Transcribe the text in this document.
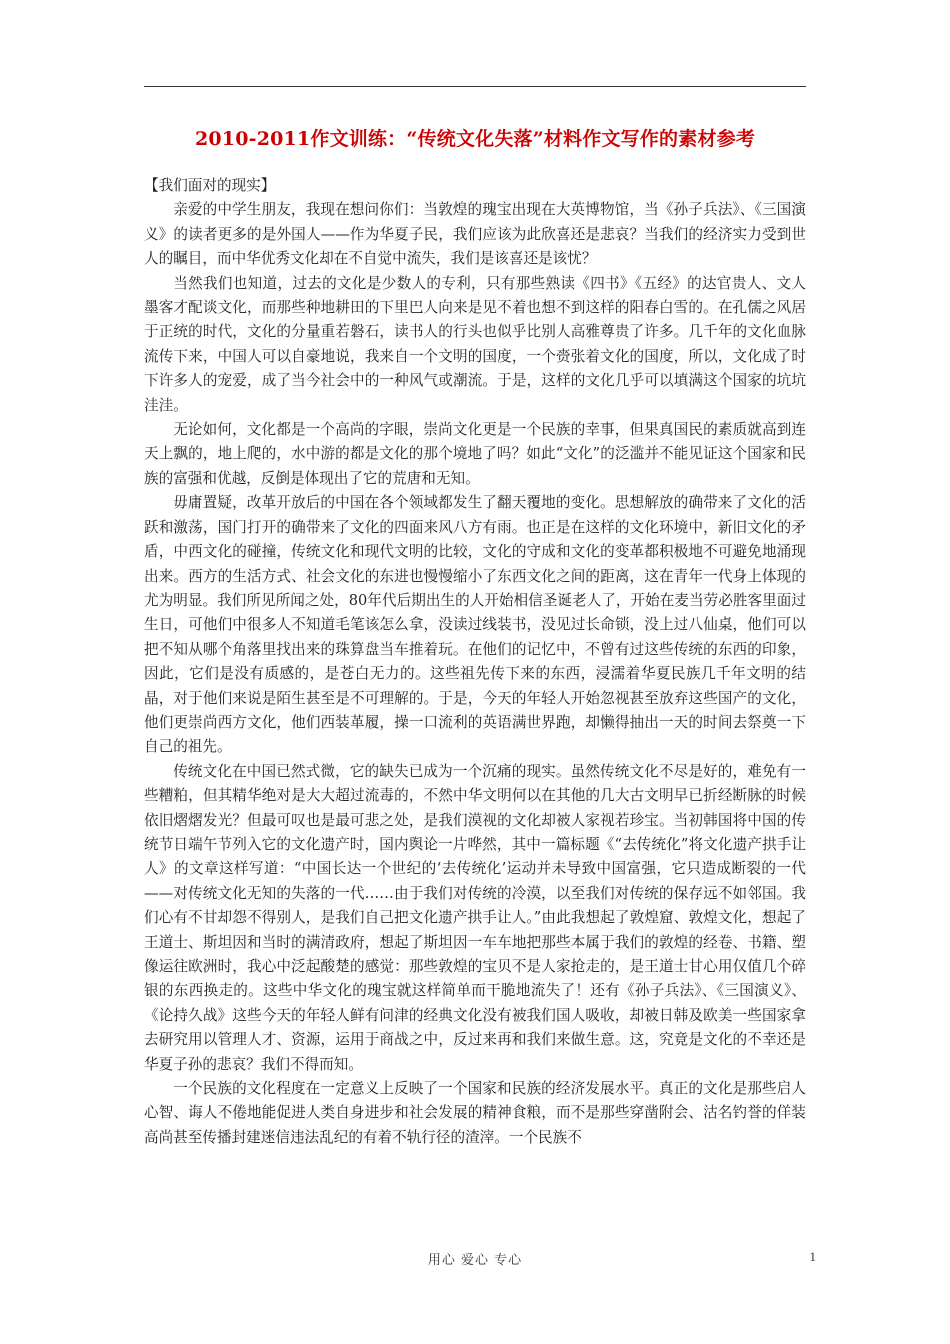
2010-2011作文训练：“传统文化失落”材料作文写作的素材参考
【我们面对的现实】

亲爱的中学生朋友，我现在想问你们：当敦煌的瑰宝出现在大英博物馆，当《孙子兵法》、《三国演义》的读者更多的是外国人——作为华夏子民，我们应该为此欣喜还是悲哀？当我们的经济实力受到世人的瞩目，而中华优秀文化却在不自觉中流失，我们是该喜还是该忧？

当然我们也知道，过去的文化是少数人的专利，只有那些熟读《四书》《五经》的达官贵人、文人墨客才配谈文化，而那些种地耕田的下里巴人向来是见不着也想不到这样的阳春白雪的。在孔儒之风居于正统的时代，文化的分量重若磐石，读书人的行头也似乎比别人高雅尊贵了许多。几千年的文化血脉流传下来，中国人可以自豪地说，我来自一个文明的国度，一个赍张着文化的国度，所以，文化成了时下许多人的宠爱，成了当今社会中的一种风气或潮流。于是，这样的文化几乎可以填满这个国家的坑坑洼洼。

无论如何，文化都是一个高尚的字眼，崇尚文化更是一个民族的幸事，但果真国民的素质就高到连天上飘的，地上爬的，水中游的都是文化的那个境地了吗？如此“文化”的泛滥并不能见证这个国家和民族的富强和优越，反倒是体现出了它的荒唐和无知。

毋庸置疑，改革开放后的中国在各个领域都发生了翻天覆地的变化。思想解放的确带来了文化的活跃和激荡，国门打开的确带来了文化的四面来风八方有雨。也正是在这样的文化环境中，新旧文化的矛盾，中西文化的碰撞，传统文化和现代文明的比较，文化的守成和文化的变革都积极地不可避免地涌现出来。西方的生活方式、社会文化的东进也慢慢缩小了东西文化之间的距离，这在青年一代身上体现的尤为明显。我们所见所闻之处，80年代后期出生的人开始相信圣诞老人了，开始在麦当劳必胜客里面过生日，可他们中很多人不知道毛笔该怎么拿，没读过线装书，没见过长命锁，没上过八仙桌，他们可以把不知从哪个角落里找出来的珠算盘当车推着玩。在他们的记忆中，不曾有过这些传统的东西的印象，因此，它们是没有质感的，是苍白无力的。这些祖先传下来的东西，浸濡着华夏民族几千年文明的结晶，对于他们来说是陌生甚至是不可理解的。于是，今天的年轻人开始忽视甚至放弃这些国产的文化，他们更崇尚西方文化，他们西装革履，操一口流利的英语满世界跑，却懒得抽出一天的时间去祭奠一下自己的祖先。

传统文化在中国已然式微，它的缺失已成为一个沉痛的现实。虽然传统文化不尽是好的，难免有一些糟粕，但其精华绝对是大大超过流毒的，不然中华文明何以在其他的几大古文明早已折经断脉的时候依旧熠熠发光？但最可叹也是最可悲之处，是我们漠视的文化却被人家视若珍宝。当初韩国将中国的传统节日端午节列入它的文化遗产时，国内舆论一片哗然，其中一篇标题《“去传统化”将文化遗产拱手让人》的文章这样写道：“中国长达一个世纪的‘去传统化’运动并未导致中国富强，它只造成断裂的一代——对传统文化无知的失落的一代……由于我们对传统的冷漠，以至我们对传统的保存远不如邻国。我们心有不甘却怨不得别人，是我们自己把文化遗产拱手让人。”由此我想起了敦煌窟、敦煌文化，想起了王道士、斯坦因和当时的满清政府，想起了斯坦因一车车地把那些本属于我们的敦煌的经卷、书籍、塑像运往欧洲时，我心中泛起酸楚的感觉：那些敦煌的宝贝不是人家抢走的，是王道士甘心用仅值几个碎银的东西换走的。这些中华文化的瑰宝就这样简单而干脆地流失了！还有《孙子兵法》、《三国演义》、《论持久战》这些今天的年轻人鲜有问津的经典文化没有被我们国人吸收，却被日韩及欧美一些国家拿去研究用以管理人才、资源，运用于商战之中，反过来再和我们来做生意。这，究竟是文化的不幸还是华夏子孙的悲哀？我们不得而知。

一个民族的文化程度在一定意义上反映了一个国家和民族的经济发展水平。真正的文化是那些启人心智、诲人不倦地能促进人类自身进步和社会发展的精神食粮，而不是那些穿凿附会、沽名钓誉的佯装高尚甚至传播封建迷信违法乱纪的有着不轨行径的渣滓。一个民族不

用心 爱心 专心	1
